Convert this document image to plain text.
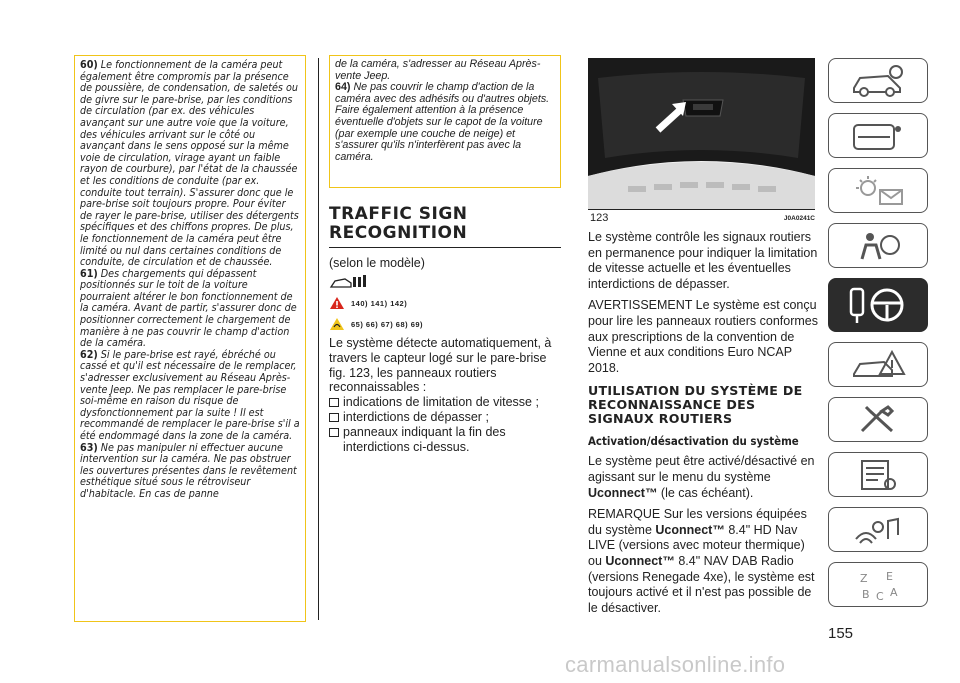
60) Le fonctionnement de la caméra peut également être compromis par la présence de poussière, de condensation, de saletés ou de givre sur le pare-brise, par les conditions de circulation (par ex. des véhicules avançant sur une autre voie que la voiture, des véhicules arrivant sur le côté ou avançant dans le sens opposé sur la même voie de circulation, virage ayant un faible rayon de courbure), par l'état de la chaussée et les conditions de conduite (par ex. conduite tout terrain). S'assurer donc que le pare-brise soit toujours propre. Pour éviter de rayer le pare-brise, utiliser des détergents spécifiques et des chiffons propres. De plus, le fonctionnement de la caméra peut être limité ou nul dans certaines conditions de conduite, de circulation et de chaussée.
61) Des chargements qui dépassent positionnés sur le toit de la voiture pourraient altérer le bon fonctionnement de la caméra. Avant de partir, s'assurer donc de positionner correctement le chargement de manière à ne pas couvrir le champ d'action de la caméra.
62) Si le pare-brise est rayé, ébréché ou cassé et qu'il est nécessaire de le remplacer, s'adresser exclusivement au Réseau Après-vente Jeep. Ne pas remplacer le pare-brise soi-même en raison du risque de dysfonctionnement par la suite ! Il est recommandé de remplacer le pare-brise s'il a été endommagé dans la zone de la caméra.
63) Ne pas manipuler ni effectuer aucune intervention sur la caméra. Ne pas obstruer les ouvertures présentes dans le revêtement esthétique situé sous le rétroviseur d'habitacle. En cas de panne
de la caméra, s'adresser au Réseau Après-vente Jeep.
64) Ne pas couvrir le champ d'action de la caméra avec des adhésifs ou d'autres objets. Faire également attention à la présence éventuelle d'objets sur le capot de la voiture (par exemple une couche de neige) et s'assurer qu'ils n'interfèrent pas avec la caméra.
TRAFFIC SIGN RECOGNITION
(selon le modèle)
140) 141) 142)
65) 66) 67) 68) 69)
Le système détecte automatiquement, à travers le capteur logé sur le pare-brise fig. 123, les panneaux routiers reconnaissables :
indications de limitation de vitesse ;
interdictions de dépasser ;
panneaux indiquant la fin des interdictions ci-dessus.
123	J0A0241C
Le système contrôle les signaux routiers en permanence pour indiquer la limitation de vitesse actuelle et les éventuelles interdictions de dépasser.
AVERTISSEMENT Le système est conçu pour lire les panneaux routiers conformes aux prescriptions de la convention de Vienne et aux conditions Euro NCAP 2018.
UTILISATION DU SYSTÈME DE RECONNAISSANCE DES SIGNAUX ROUTIERS
Activation/désactivation du système
Le système peut être activé/désactivé en agissant sur le menu du système Uconnect™ (le cas échéant).
REMARQUE Sur les versions équipées du système Uconnect™ 8.4" HD Nav LIVE (versions avec moteur thermique) ou Uconnect™ 8.4" NAV DAB Radio (versions Renegade 4xe), le système est toujours activé et il n'est pas possible de le désactiver.
155
Z E
B C A
carmanualsonline.info
